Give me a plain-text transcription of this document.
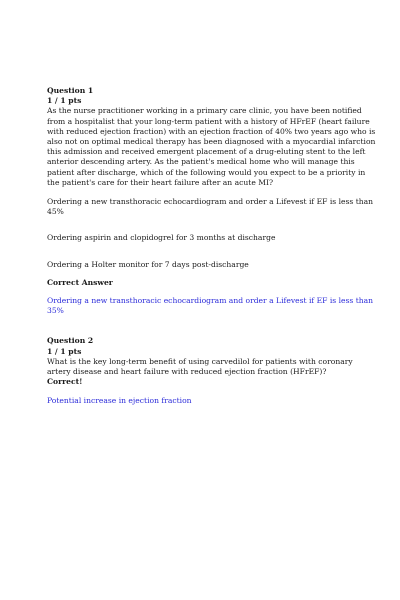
Question 1

1 / 1 pts

As the nurse practitioner working in a primary care clinic, you have been notified from a hospitalist that your long-term patient with a history of HFrEF (heart failure with reduced ejection fraction) with an ejection fraction of 40% two years ago who is also not on optimal medical therapy has been diagnosed with a myocardial infarction this admission and received emergent placement of a drug-eluting stent to the left anterior descending artery. As the patient's medical home who will manage this patient after discharge, which of the following would you expect to be a priority in the patient's care for their heart failure after an acute MI?

Ordering a new transthoracic echocardiogram and order a Lifevest if EF is less than 45%

Ordering aspirin and clopidogrel for 3 months at discharge

Ordering a Holter monitor for 7 days post-discharge

Correct Answer

Ordering a new transthoracic echocardiogram and order a Lifevest if EF is less than 35%

Question 2

1 / 1 pts

What is the key long-term benefit of using carvedilol for patients with coronary artery disease and heart failure with reduced ejection fraction (HFrEF)?

Correct!

Potential increase in ejection fraction
